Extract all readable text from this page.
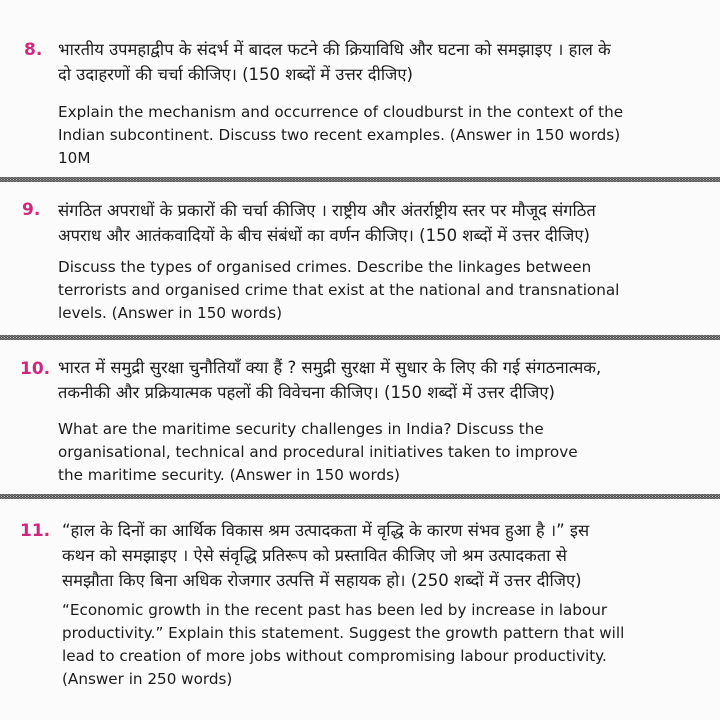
8. भारतीय उपमहाद्वीप के संदर्भ में बादल फटने की क्रियाविधि और घटना को समझाइए । हाल के
दो उदाहरणों की चर्चा कीजिए। (150 शब्दों में उत्तर दीजिए)
Explain the mechanism and occurrence of cloudburst in the context of the
Indian subcontinent. Discuss two recent examples. (Answer in 150 words)
10M
9. संगठित अपराधों के प्रकारों की चर्चा कीजिए । राष्ट्रीय और अंतर्राष्ट्रीय स्तर पर मौजूद संगठित
अपराध और आतंकवादियों के बीच संबंधों का वर्णन कीजिए। (150 शब्दों में उत्तर दीजिए)
Discuss the types of organised crimes. Describe the linkages between
terrorists and organised crime that exist at the national and transnational
levels. (Answer in 150 words)
10. भारत में समुद्री सुरक्षा चुनौतियाँ क्या हैं ? समुद्री सुरक्षा में सुधार के लिए की गई संगठनात्मक,
तकनीकी और प्रक्रियात्मक पहलों की विवेचना कीजिए। (150 शब्दों में उत्तर दीजिए)
What are the maritime security challenges in India? Discuss the
organisational, technical and procedural initiatives taken to improve
the maritime security. (Answer in 150 words)
11. “हाल के दिनों का आर्थिक विकास श्रम उत्पादकता में वृद्धि के कारण संभव हुआ है ।” इस
कथन को समझाइए । ऐसे संवृद्धि प्रतिरूप को प्रस्तावित कीजिए जो श्रम उत्पादकता से
समझौता किए बिना अधिक रोजगार उत्पत्ति में सहायक हो। (250 शब्दों में उत्तर दीजिए)
“Economic growth in the recent past has been led by increase in labour
productivity.” Explain this statement. Suggest the growth pattern that will
lead to creation of more jobs without compromising labour productivity.
(Answer in 250 words)
